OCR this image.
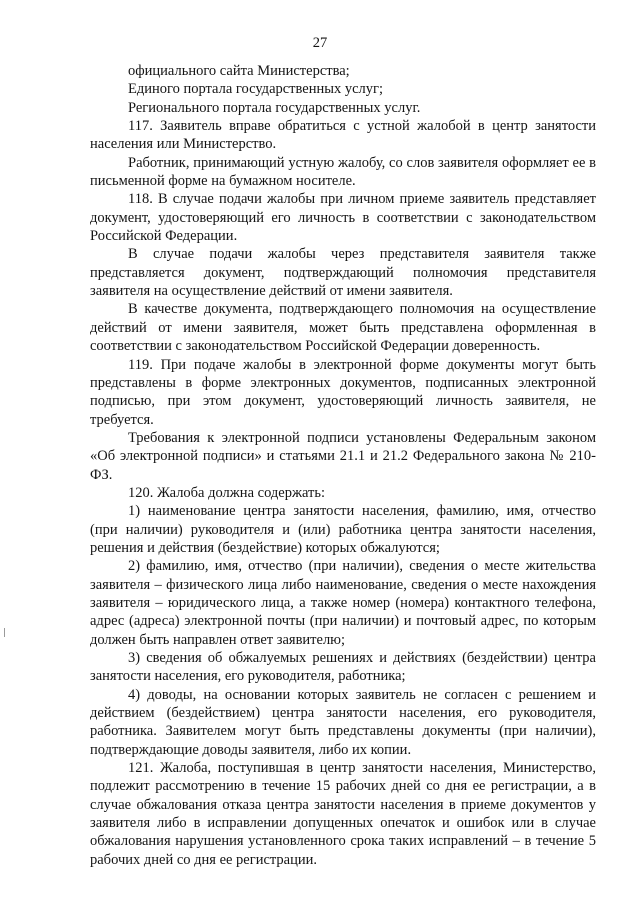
27

официального сайта Министерства;

Единого портала государственных услуг;

Регионального портала государственных услуг.

117. Заявитель вправе обратиться с устной жалобой в центр занятости населения или Министерство.

Работник, принимающий устную жалобу, со слов заявителя оформляет ее в письменной форме на бумажном носителе.

118. В случае подачи жалобы при личном приеме заявитель представляет документ, удостоверяющий его личность в соответствии с законодательством Российской Федерации.

В случае подачи жалобы через представителя заявителя также представляется документ, подтверждающий полномочия представителя заявителя на осуществление действий от имени заявителя.

В качестве документа, подтверждающего полномочия на осуществление действий от имени заявителя, может быть представлена оформленная в соответствии с законодательством Российской Федерации доверенность.

119. При подаче жалобы в электронной форме документы могут быть представлены в форме электронных документов, подписанных электронной подписью, при этом документ, удостоверяющий личность заявителя, не требуется.

Требования к электронной подписи установлены Федеральным законом «Об электронной подписи» и статьями 21.1 и 21.2 Федерального закона № 210-ФЗ.

120. Жалоба должна содержать:

1) наименование центра занятости населения, фамилию, имя, отчество (при наличии) руководителя и (или) работника центра занятости населения, решения и действия (бездействие) которых обжалуются;

2) фамилию, имя, отчество (при наличии), сведения о месте жительства заявителя – физического лица либо наименование, сведения о месте нахождения заявителя – юридического лица, а также номер (номера) контактного телефона, адрес (адреса) электронной почты (при наличии) и почтовый адрес, по которым должен быть направлен ответ заявителю;

3) сведения об обжалуемых решениях и действиях (бездействии) центра занятости населения, его руководителя, работника;

4) доводы, на основании которых заявитель не согласен с решением и действием (бездействием) центра занятости населения, его руководителя, работника. Заявителем могут быть представлены документы (при наличии), подтверждающие доводы заявителя, либо их копии.

121. Жалоба, поступившая в центр занятости населения, Министерство, подлежит рассмотрению в течение 15 рабочих дней со дня ее регистрации, а в случае обжалования отказа центра занятости населения в приеме документов у заявителя либо в исправлении допущенных опечаток и ошибок или в случае обжалования нарушения установленного срока таких исправлений – в течение 5 рабочих дней со дня ее регистрации.
